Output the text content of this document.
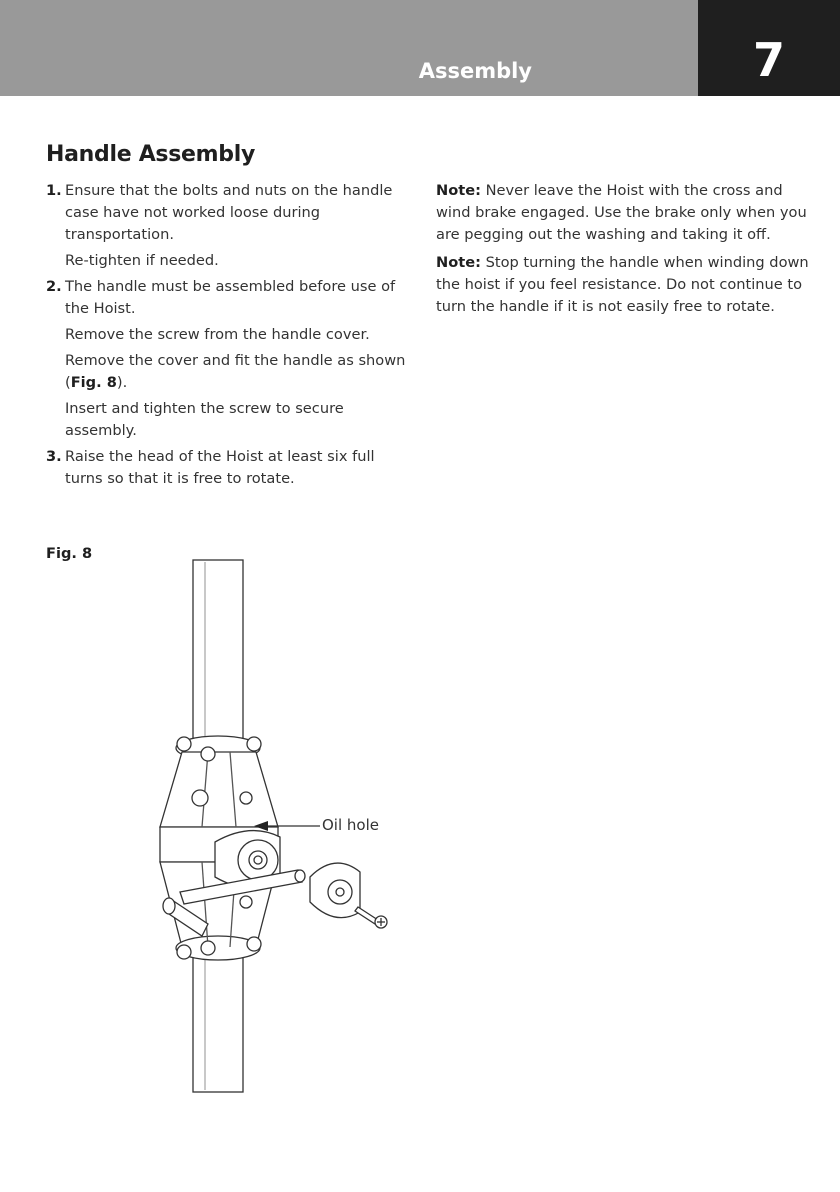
Assembly	7
Handle Assembly
1. Ensure that the bolts and nuts on the handle case have not worked loose during transportation.

Re-tighten if needed.

2. The handle must be assembled before use of the Hoist.

Remove the screw from the handle cover.

Remove the cover and fit the handle as shown (Fig. 8).

Insert and tighten the screw to secure assembly.

3. Raise the head of the Hoist at least six full turns so that it is free to rotate.

Note: Never leave the Hoist with the cross and wind brake engaged. Use the brake only when you are pegging out the washing and taking it off.

Note: Stop turning the handle when winding down the hoist if you feel resistance. Do not continue to turn the handle if it is not easily free to rotate.

Fig. 8
Oil hole
